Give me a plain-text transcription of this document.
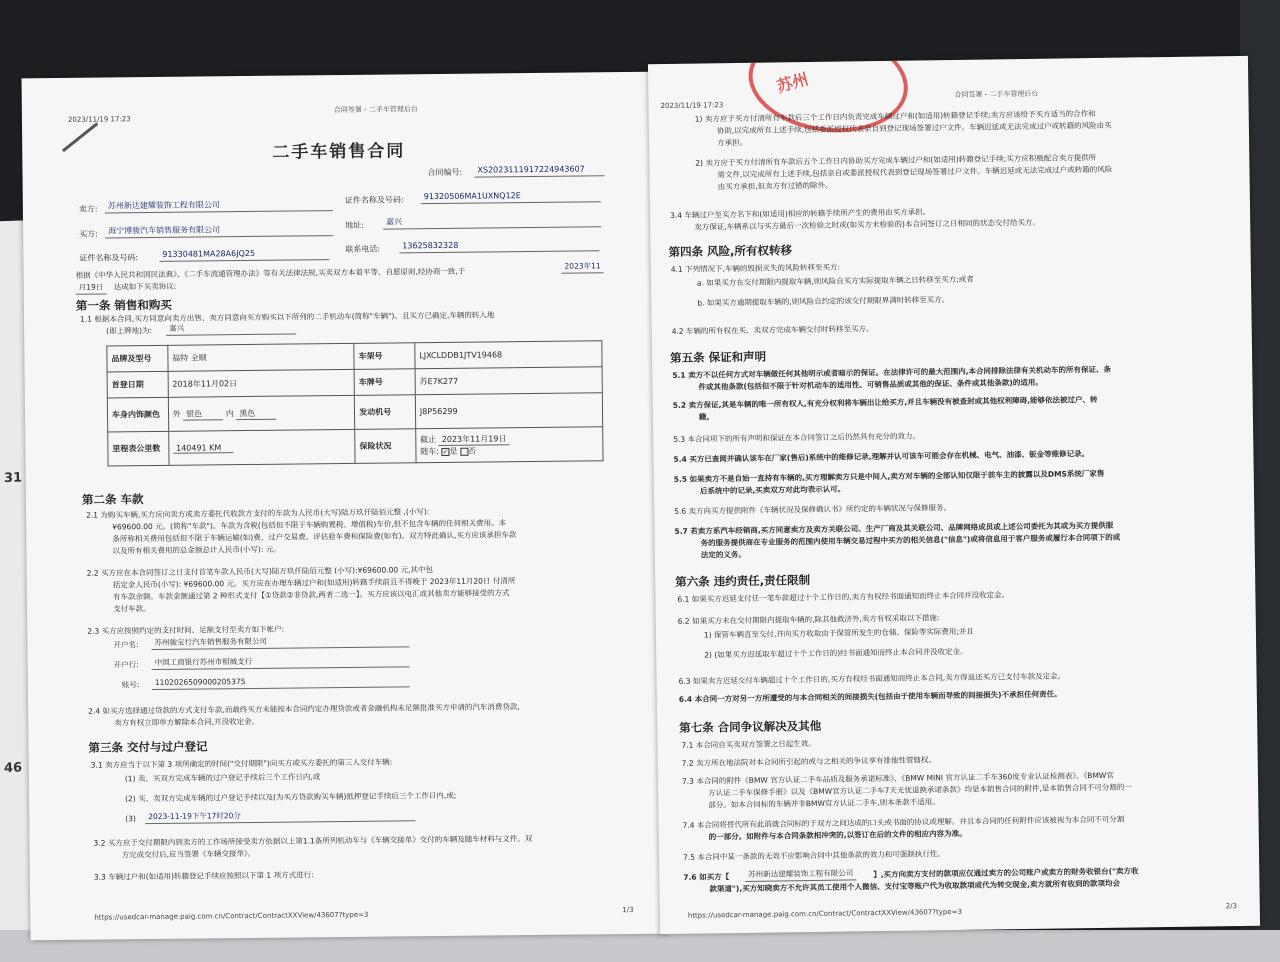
31
46
2023/11/19 17:23
合同签署 - 二手车管理后台
二手车销售合同
合同编号:	XS20231119172249436​07
卖方:	苏州新达建耀装饰工程有限公司
证件名称及号码:	91320506MA1UXNQ12E
买方:	海宁博骏汽车销售服务有限公司	地址:	嘉兴
证件名称及号码:	91330481MA28A6JQ25	联系电话:	13625832328
根据《中华人民共和国民法典》、《二手车流通管理办法》等有关法律法规,买卖双方本着平等、自愿原则,经协商一致,于
2023年11
月19日	达成如下买卖协议:
第一条 销售和购买
1.1 根据本合同,买方同意向卖方出售、卖方同意向买方购买以下所列的二手机动车(简称"车辆")。且买方已确定,车辆的转入地
(即上牌地)为:	嘉兴
品牌及型号	福特 全顺	车架号	LJXCLDDB1JTV19468
首登日期	2018年11月02日	车牌号	苏E7K277
车身内饰颜色	外 银色 内 黑色	发动机号	J8P56299
里程表公里数	140491 KM	保险状况	截止 2023年11月19日
随车: ✓是 否
第二条 车款
2.1 为购买车辆,买方应向卖方或卖方委托代收款方支付的车款为人民币(大写)陆万玖仟陆佰元整 ,(小写):
¥69600.00 元。(简称"车款")。车款为含税(包括但不限于车辆购置税、增值税)车价,但不包含车辆的任何相关费用。本
条所称相关费用包括但不限于车辆运输(如)费、过户交易费、评估验车费和保险费(如有)。双方特此确认,买方应该承担车款
以及所有相关费用的总金额总计人民币(小写): 元。
2.2 买方应在本合同签订之日支付首笔车款人民币(大写)陆万玖仟陆佰元整 (小写):¥69600.00 元,其中包
括定金人民币(小写): ¥69600.00 元。买方应在办理车辆过户和(如适用)转籍手续前且不得晚于 2023年11月20日 付清所
有车款余额。车款金额通过第 2 种形式支付【①贷款②非贷款,两者二选一】。买方应该以电汇或其他卖方能够接受的方式
支付车款。
2.3 买方应按照约定的支付时间、足额支付至卖方如下帐户:
开户名:	苏州骏宝行汽车销售服务有限公司
开户行:	中国工商银行苏州市相城支行
账号:	1102026509000205375
2.4 如买方选择通过贷款的方式支付车款,而最终买方未能按本合同约定办理贷款或者金融机构未足额批准买方申请的汽车消费贷款,
卖方有权立即单方解除本合同,并没收定金。
第三条 交付与过户登记
3.1 卖方应当于以下第 3 项所确定的时间("交付期限")向买方或买方委托的第三人交付车辆:
(1) 卖、买双方完成车辆的过户登记手续后三个工作日内,或
(2) 买、卖双方完成车辆的过户登记手续以及(为买方贷款购买车辆)抵押登记手续后三个工作日内,或;
(3)	2023-11-19下午17时20分
3.2 买方应于交付期限内到卖方的工作场所接受卖方依据以上第1.1条所列机动车与《车辆交接单》交付的车辆及随车材料与文件。双
方完成交付后,应当签署《车辆交接单》。
3.3 车辆过户和(如适用)转籍登记手续应按照以下第 1 项方式进行:
https://usedcar-manage.paig.com.cn/Contract/ContractXXView/43607?type=3
1/3
苏州
2023/11/19 17:23
合同签署 - 二手车管理后台
1) 卖方应于买方付清所有车款后三个工作日内负责完成车辆过户和(如适用)转籍登记手续;卖方应该给予买方适当的合作和
协助,以完成所有上述手续,包括委派授权代表亲自到登记现场签署过户文件。车辆迟延或无法完成过户或转籍的风险由买
方承担。
2) 卖方应于买方付清所有车款后五个工作日内协助买方完成车辆过户和(如适用)转籍登记手续;买方应积极配合卖方提供所
需文件,以完成所有上述手续,包括亲自或委派授权代表到登记现场签署过户文件。车辆迟延或无法完成过户或转籍的风险
由买方承担,但卖方有过错的除外。
3.4 车辆过户至买方名下和(如适用)相应的转籍手续所产生的费用由买方承担。
卖方保证,车辆系以与买方最后一次检验之时或(如买方未检验的)本合同签订之日相同的状态交付给买方。
第四条 风险,所有权转移
4.1 下列情况下,车辆的毁损灭失的风险转移至买方:
a. 如果买方在交付期限内提取车辆,则风险自买方实际提取车辆之日转移至买方;或者
b. 如果买方逾期提取车辆的,则风险自约定的该交付期限界满时转移至买方。
4.2 车辆的所有权在买、卖双方完成车辆交付时转移至买方。
第五条 保证和声明
5.1 卖方不以任何方式对车辆做任何其他明示或者暗示的保证。在法律许可的最大范围内,本合同排除法律有关机动车的所有保证、条
件或其他条款(包括但不限于针对机动车的适用性、可销售品质或其他的保证、条件或其他条款)的适用。
5.2 卖方保证,其是车辆的唯一所有权人,有充分权利将车辆出让给买方,并且车辆没有被查封或其他权利障碍,能够依法被过户、转
籍。
5.3 本合同项下的所有声明和保证在本合同签订之后仍然具有充分的效力。
5.4 买方已查阅并确认该车在厂家(售后)系统中的维修记录,理解并认可该车可能会存在机械、电气、油漆、钣金等维修记录。
5.5 如果卖方不是自始一直持有车辆的,买方理解卖方只是中间人,卖方对车辆的全部认知仅限于前车主的披露以及DMS系统厂家售
后系统中的记录,买卖双方对此均表示认可。
5.6 卖方向买方提供附件《车辆状况及保修确认书》所约定的车辆状况与保修服务。
5.7 若卖方系汽车经销商,买方同意卖方及卖方关联公司、生产厂商及其关联公司、品牌网络成员或上述公司委托为其或为买方提供服
务的服务提供商在专业服务的范围内使用车辆交易过程中买方的相关信息("信息")或将信息用于客户服务或履行本合同项下的或
法定的义务。
第六条 违约责任,责任限制
6.1 如果买方迟延支付任一笔车款超过十个工作日的,卖方有权经书面通知而终止本合同并没收定金。
6.2 如果买方未在交付期限内提取车辆的,除其他救济外,卖方有权采取以下措施:
1) 保管车辆直至交付,并向买方收取由于保管所发生的仓储、保险等实际费用;并且
2) (如果买方迟延取车超过十个工作日的)经书面通知而终止本合同并没收定金。
6.3 如果卖方迟延交付车辆超过十个工作日的,买方有权经书面通知而终止本合同,卖方得返还买方已支付车款及定金。
6.4 本合同一方对另一方所遭受的与本合同相关的间接损失(包括由于使用车辆而导致的间接损失)不承担任何责任。
第七条 合同争议解决及其他
7.1 本合同自买卖双方签署之日起生效。
7.2 卖方所在地法院对本合同所引起的或与之相关的争议享有排他性管辖权。
7.3 本合同的附件《BMW 官方认证二手车品质及服务承诺标准》、《BMW MINI 官方认证二手车360度专业认证检测表》、《BMW官
方认证二手车保修手册》以及《BMW官方认证二手车7天无忧退换承诺条款》均是本销售合同的附件,是本销售合同不可分割的一
部分。如本合同标的车辆并非BMW官方认证二手车,则本条款不适用。
7.4 本合同将替代所有此前就合同标的于双方之间达成的口头或书面的协议或理解。并且本合同的任何附件应该被视为本合同不可分割
的一部分。如附件与本合同条款相冲突的,以签订在后的文件的相应内容为准。
7.5 本合同中某一条款的无效不应影响合同中其他条款的效力和可强制执行性。
7.6 如买方【	苏州新达建耀装饰工程有限公司	】,买方向卖方支付的款项应仅通过卖方的公司账户或卖方的财务收银台("卖方收
款渠道"),买方知晓卖方不允许其员工使用个人微信、支付宝等账户代为收取款项或代为转交现金,卖方就所有收到的款项均会
https://usedcar-manage.paig.com.cn/Contract/ContractXXView/43607?type=3
2/3
